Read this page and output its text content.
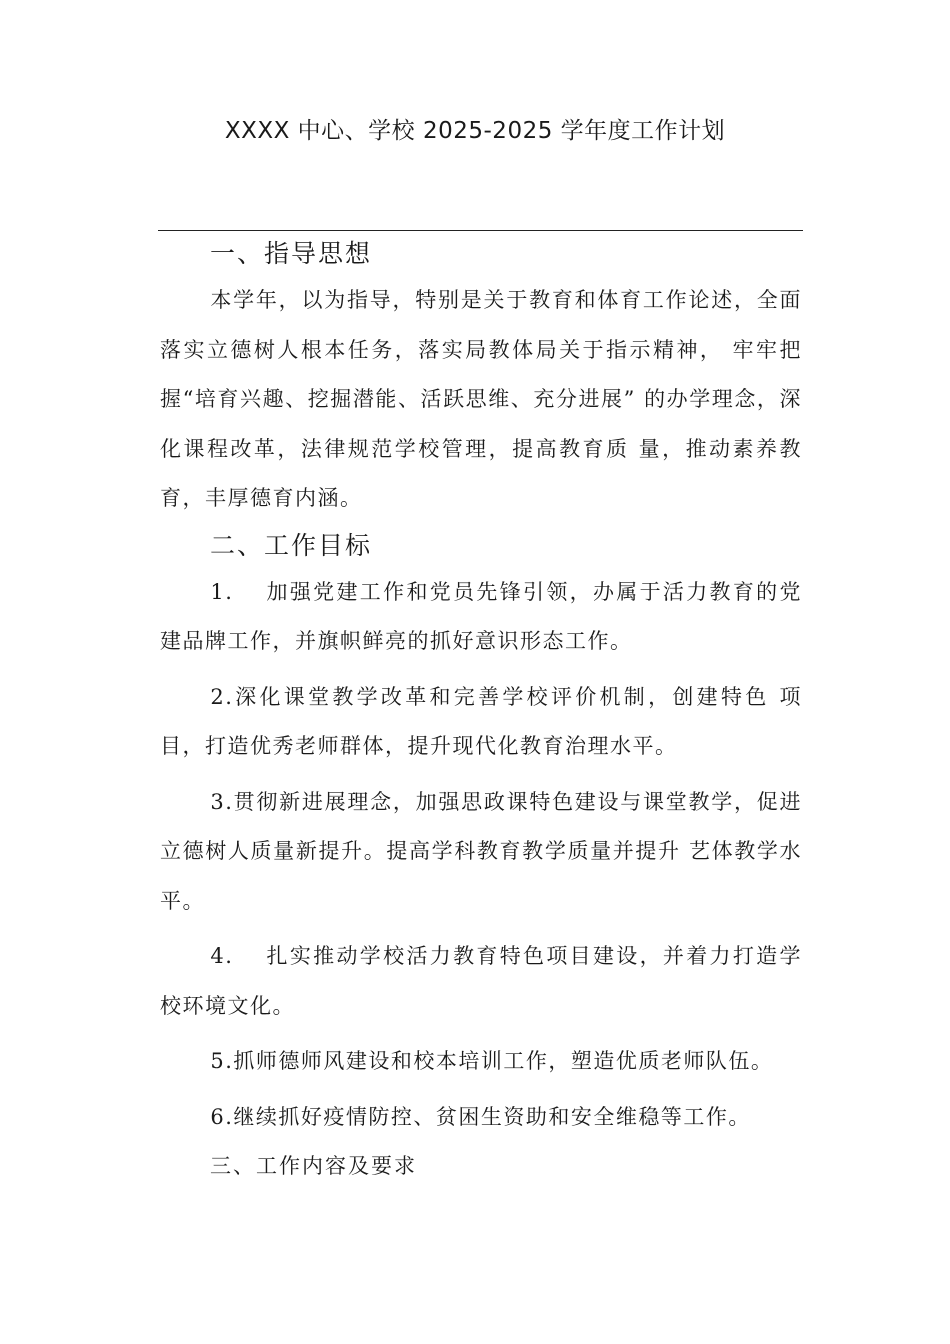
XXXX 中心、学校 2025-2025 学年度工作计划
一、指导思想

本学年，以为指导，特别是关于教育和体育工作论述，全面落实立德树人根本任务，落实局教体局关于指示精神， 牢牢把握“培育兴趣、挖掘潜能、活跃思维、充分进展” 的办学理念，深化课程改革，法律规范学校管理，提高教育质 量，推动素养教育，丰厚德育内涵。

二、工作目标

1.　 加强党建工作和党员先锋引领，办属于活力教育的党建品牌工作，并旗帜鲜亮的抓好意识形态工作。

2.深化课堂教学改革和完善学校评价机制，创建特色 项目，打造优秀老师群体，提升现代化教育治理水平。

3.贯彻新进展理念，加强思政课特色建设与课堂教学，促进立德树人质量新提升。提高学科教育教学质量并提升 艺体教学水平。

4.　 扎实推动学校活力教育特色项目建设，并着力打造学校环境文化。

5.抓师德师风建设和校本培训工作，塑造优质老师队伍。

6.继续抓好疫情防控、贫困生资助和安全维稳等工作。

三、工作内容及要求
